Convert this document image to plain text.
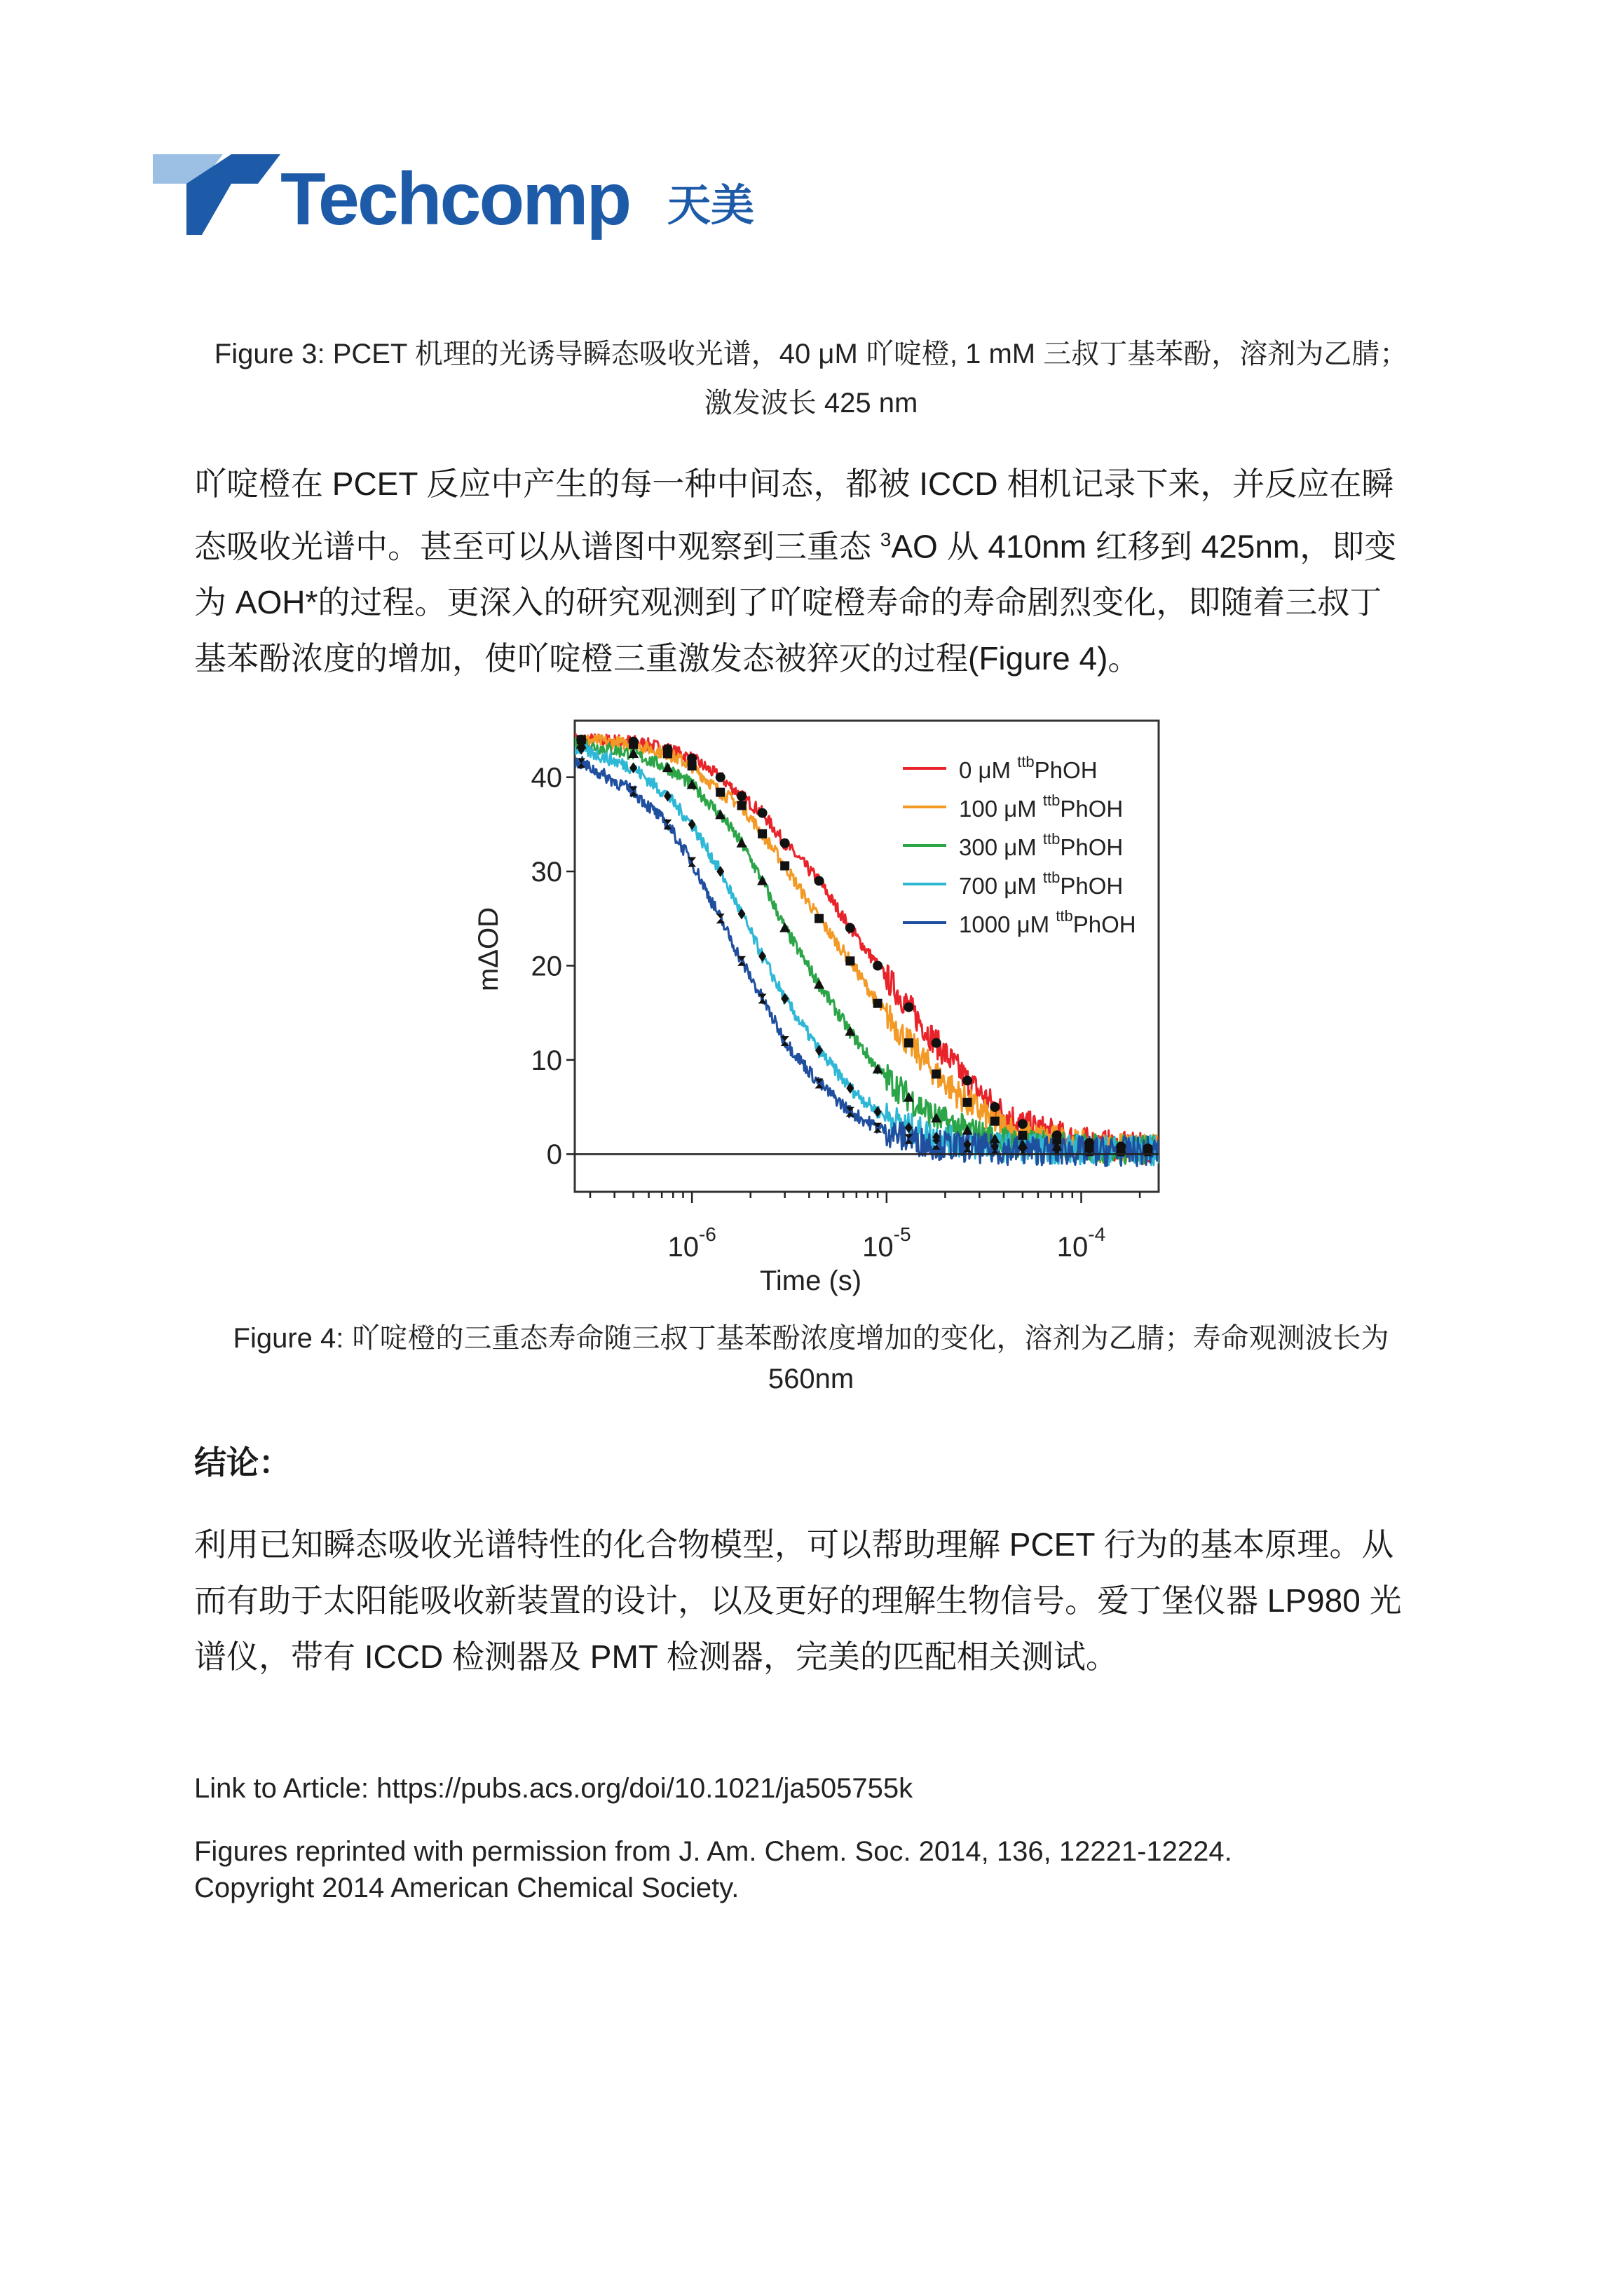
Techcomp 天美
Figure 3: PCET 机理的光诱导瞬态吸收光谱，40 μM 吖啶橙, 1 mM 三叔丁基苯酚，溶剂为乙腈；
激发波长 425 nm
吖啶橙在 PCET 反应中产生的每一种中间态，都被 ICCD 相机记录下来，并反应在瞬
态吸收光谱中。甚至可以从谱图中观察到三重态 $^3$AO 从 410nm 红移到 425nm，即变
为 AOH*的过程。更深入的研究观测到了吖啶橙寿命的寿命剧烈变化，即随着三叔丁
基苯酚浓度的增加，使吖啶橙三重激发态被猝灭的过程(Figure 4)。
0
10
20
30
40
$10^{-6}$	$10^{-5}$	$10^{-4}$
0 μM $^{ttb}$PhOH
100 μM $^{ttb}$PhOH
300 μM $^{ttb}$PhOH
700 μM $^{ttb}$PhOH
1000 μM $^{ttb}$PhOH
mΔOD
Time (s)
Figure 4: 吖啶橙的三重态寿命随三叔丁基苯酚浓度增加的变化，溶剂为乙腈；寿命观测波长为
560nm
结论：
利用已知瞬态吸收光谱特性的化合物模型，可以帮助理解 PCET 行为的基本原理。从
而有助于太阳能吸收新装置的设计，以及更好的理解生物信号。爱丁堡仪器 LP980 光
谱仪，带有 ICCD 检测器及 PMT 检测器，完美的匹配相关测试。
Link to Article: https://pubs.acs.org/doi/10.1021/ja505755k
Figures reprinted with permission from J. Am. Chem. Soc. 2014, 136, 12221-12224.
Copyright 2014 American Chemical Society.
